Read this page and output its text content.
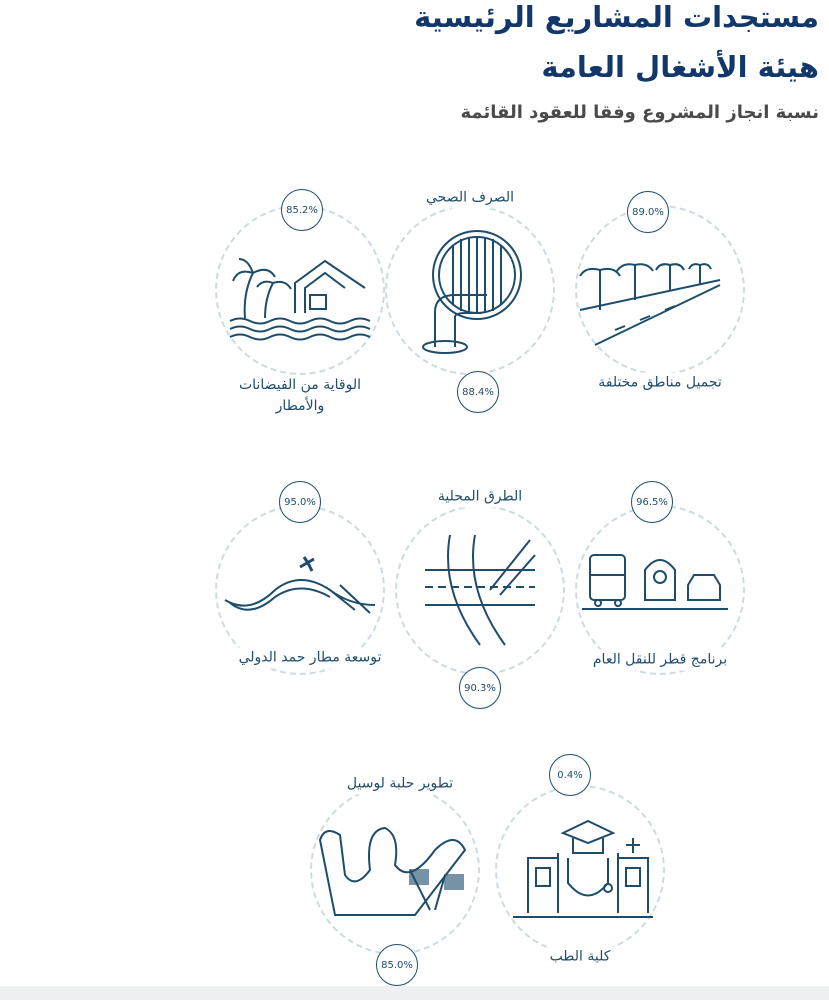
مستجدات المشاريع الرئيسية
هيئة الأشغال العامة
نسبة انجاز المشروع وفقا للعقود القائمة
85.2%
88.4%
89.0%
الوقاية من الفيضانات والأمطار
الصرف الصحي
تجميل مناطق مختلفة
95.0%
90.3%
96.5%
توسعة مطار حمد الدولي
الطرق المحلية
برنامج قطر للنقل العام
85.0%
0.4%
تطوير حلبة لوسيل
كلية الطب
